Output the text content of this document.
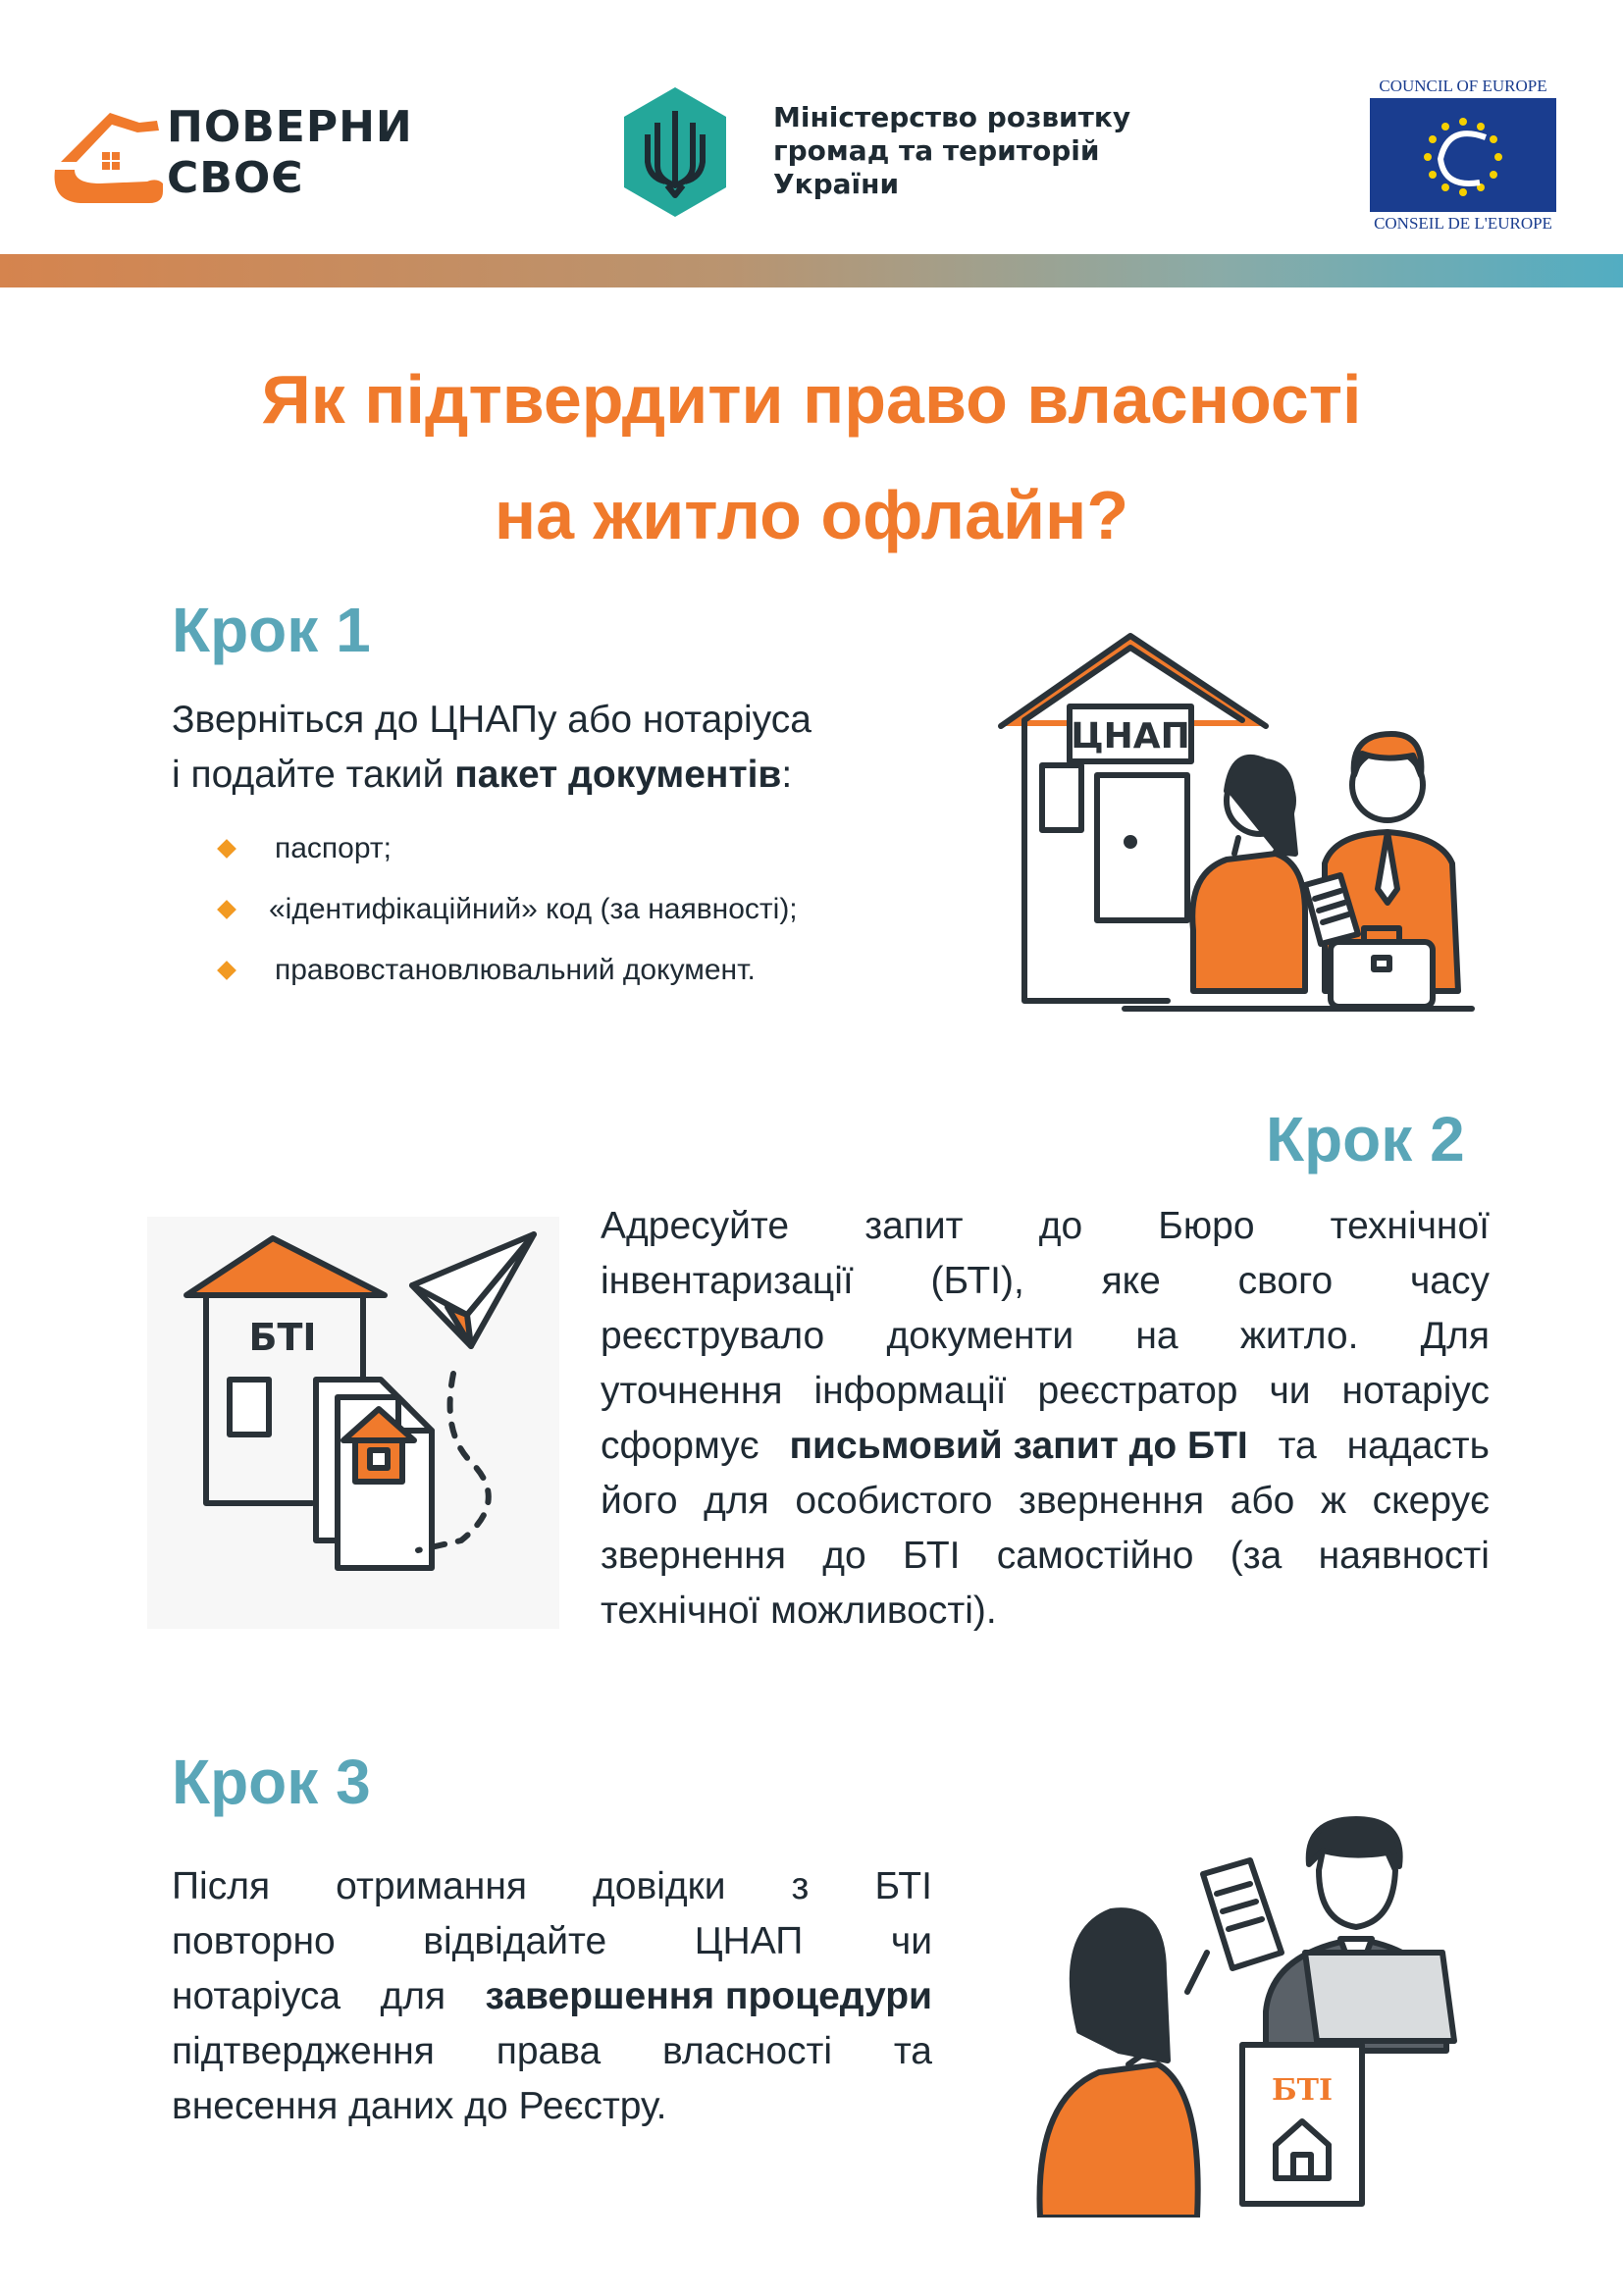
ПОВЕРНИ
СВОЄ
Міністерство розвитку
громад та територій
України
COUNCIL OF EUROPE
CONSEIL DE L'EUROPE
Як підтвердити право власності
на житло офлайн?
Крок 1
Зверніться до ЦНАПу або нотаріуса
і подайте такий пакет документів:
паспорт;
«ідентифікаційний» код (за наявності);
правовстановлювальний документ.
ЦНАП
Крок 2
БТІ
Адресуйте запит до Бюро технічної
інвентаризації (БТІ), яке свого часу
реєструвало документи на житло. Для
уточнення інформації реєстратор чи нотаріус
сформує письмовий запит до БТІ та надасть
його для особистого звернення або ж скерує
звернення до БТІ самостійно (за наявності
технічної можливості).
Крок 3
Після отримання довідки з БТІ
повторно відвідайте ЦНАП чи
нотаріуса для завершення процедури
підтвердження права власності та
внесення даних до Реєстру.	БТІ
